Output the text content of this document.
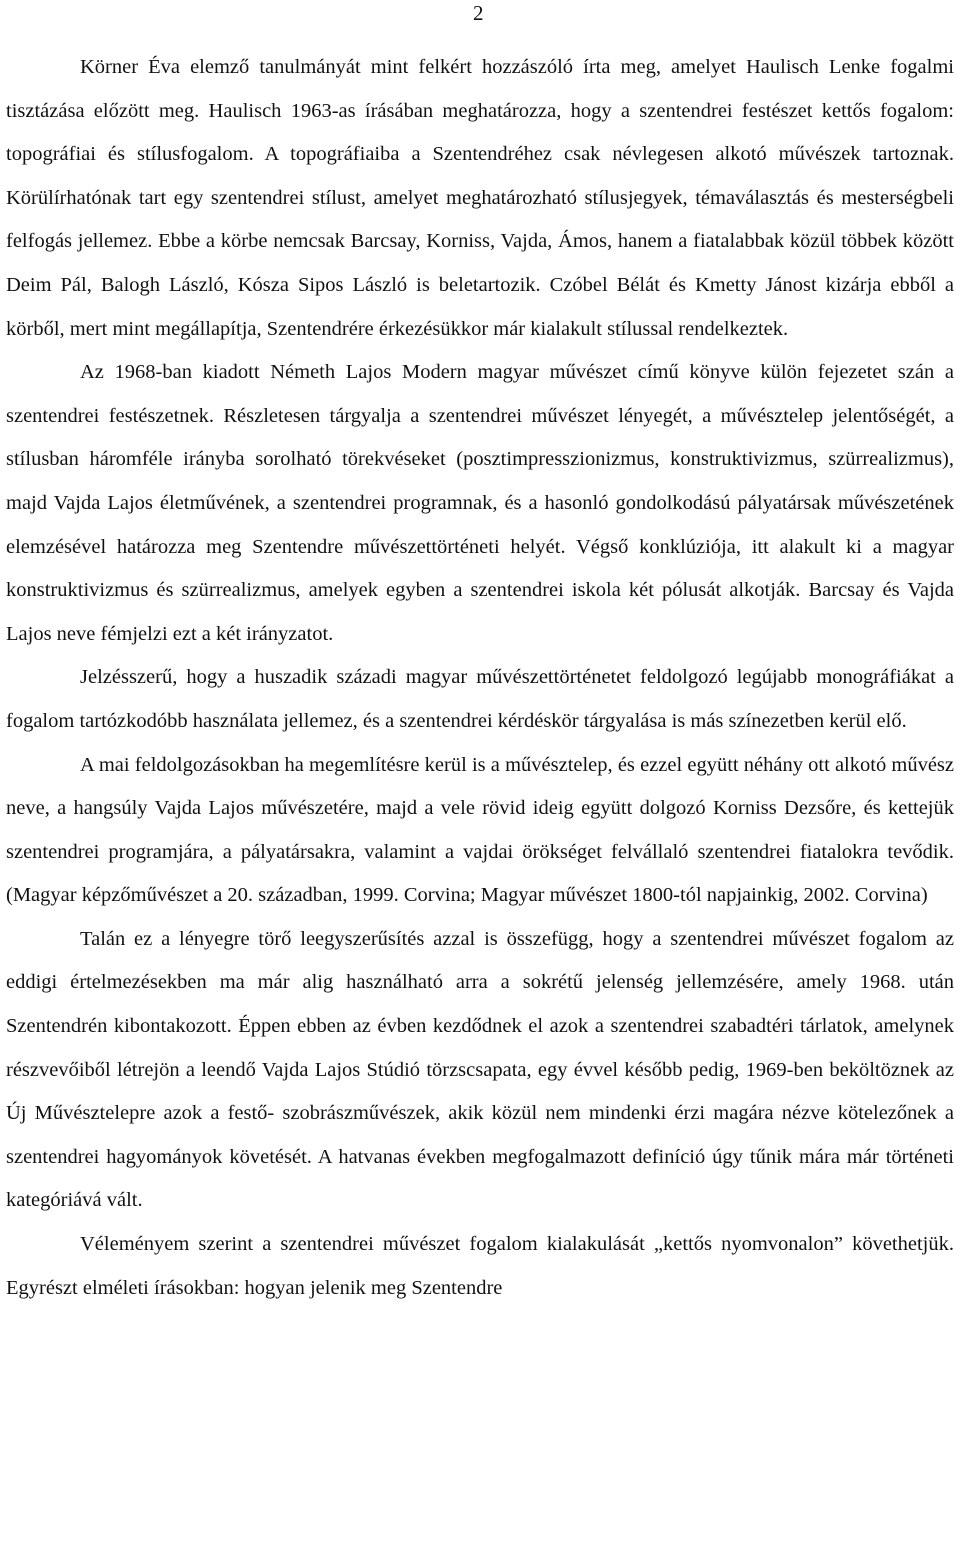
2

Körner Éva elemző tanulmányát mint felkért hozzászóló írta meg, amelyet Haulisch Lenke fogalmi tisztázása előzött meg. Haulisch 1963-as írásában meghatározza, hogy a szentendrei festészet kettős fogalom: topográfiai és stílusfogalom. A topográfiaiba a Szentendréhez csak névlegesen alkotó művészek tartoznak. Körülírhatónak tart egy szentendrei stílust, amelyet meghatározható stílusjegyek, témaválasztás és mesterségbeli felfogás jellemez. Ebbe a körbe nemcsak Barcsay, Korniss, Vajda, Ámos, hanem a fiatalabbak közül többek között Deim Pál, Balogh László, Kósza Sipos László is beletartozik. Czóbel Bélát és Kmetty Jánost kizárja ebből a körből, mert mint megállapítja, Szentendrére érkezésükkor már kialakult stílussal rendelkeztek.

Az 1968-ban kiadott Németh Lajos Modern magyar művészet című könyve külön fejezetet szán a szentendrei festészetnek. Részletesen tárgyalja a szentendrei művészet lényegét, a művésztelep jelentőségét, a stílusban háromféle irányba sorolható törekvéseket (posztimpresszionizmus, konstruktivizmus, szürrealizmus), majd Vajda Lajos életművének, a szentendrei programnak, és a hasonló gondolkodású pályatársak művészetének elemzésével határozza meg Szentendre művészettörténeti helyét. Végső konklúziója, itt alakult ki a magyar konstruktivizmus és szürrealizmus, amelyek egyben a szentendrei iskola két pólusát alkotják. Barcsay és Vajda Lajos neve fémjelzi ezt a két irányzatot.

Jelzésszerű, hogy a huszadik századi magyar művészettörténetet feldolgozó legújabb monográfiákat a fogalom tartózkodóbb használata jellemez, és a szentendrei kérdéskör tárgyalása is más színezetben kerül elő.

A mai feldolgozásokban ha megemlítésre kerül is a művésztelep, és ezzel együtt néhány ott alkotó művész neve, a hangsúly Vajda Lajos művészetére, majd a vele rövid ideig együtt dolgozó Korniss Dezsőre, és kettejük szentendrei programjára, a pályatársakra, valamint a vajdai örökséget felvállaló szentendrei fiatalokra tevődik. (Magyar képzőművészet a 20. században, 1999. Corvina; Magyar művészet 1800-tól napjainkig, 2002. Corvina)

Talán ez a lényegre törő leegyszerűsítés azzal is összefügg, hogy a szentendrei művészet fogalom az eddigi értelmezésekben ma már alig használható arra a sokrétű jelenség jellemzésére, amely 1968. után Szentendrén kibontakozott. Éppen ebben az évben kezdődnek el azok a szentendrei szabadtéri tárlatok, amelynek részvevőiből létrejön a leendő Vajda Lajos Stúdió törzscsapata, egy évvel később pedig, 1969-ben beköltöznek az Új Művésztelepre azok a festő- szobrászművészek, akik közül nem mindenki érzi magára nézve kötelezőnek a szentendrei hagyományok követését. A hatvanas években megfogalmazott definíció úgy tűnik mára már történeti kategóriává vált.

Véleményem szerint a szentendrei művészet fogalom kialakulását „kettős nyomvonalon” követhetjük. Egyrészt elméleti írásokban: hogyan jelenik meg Szentendre
